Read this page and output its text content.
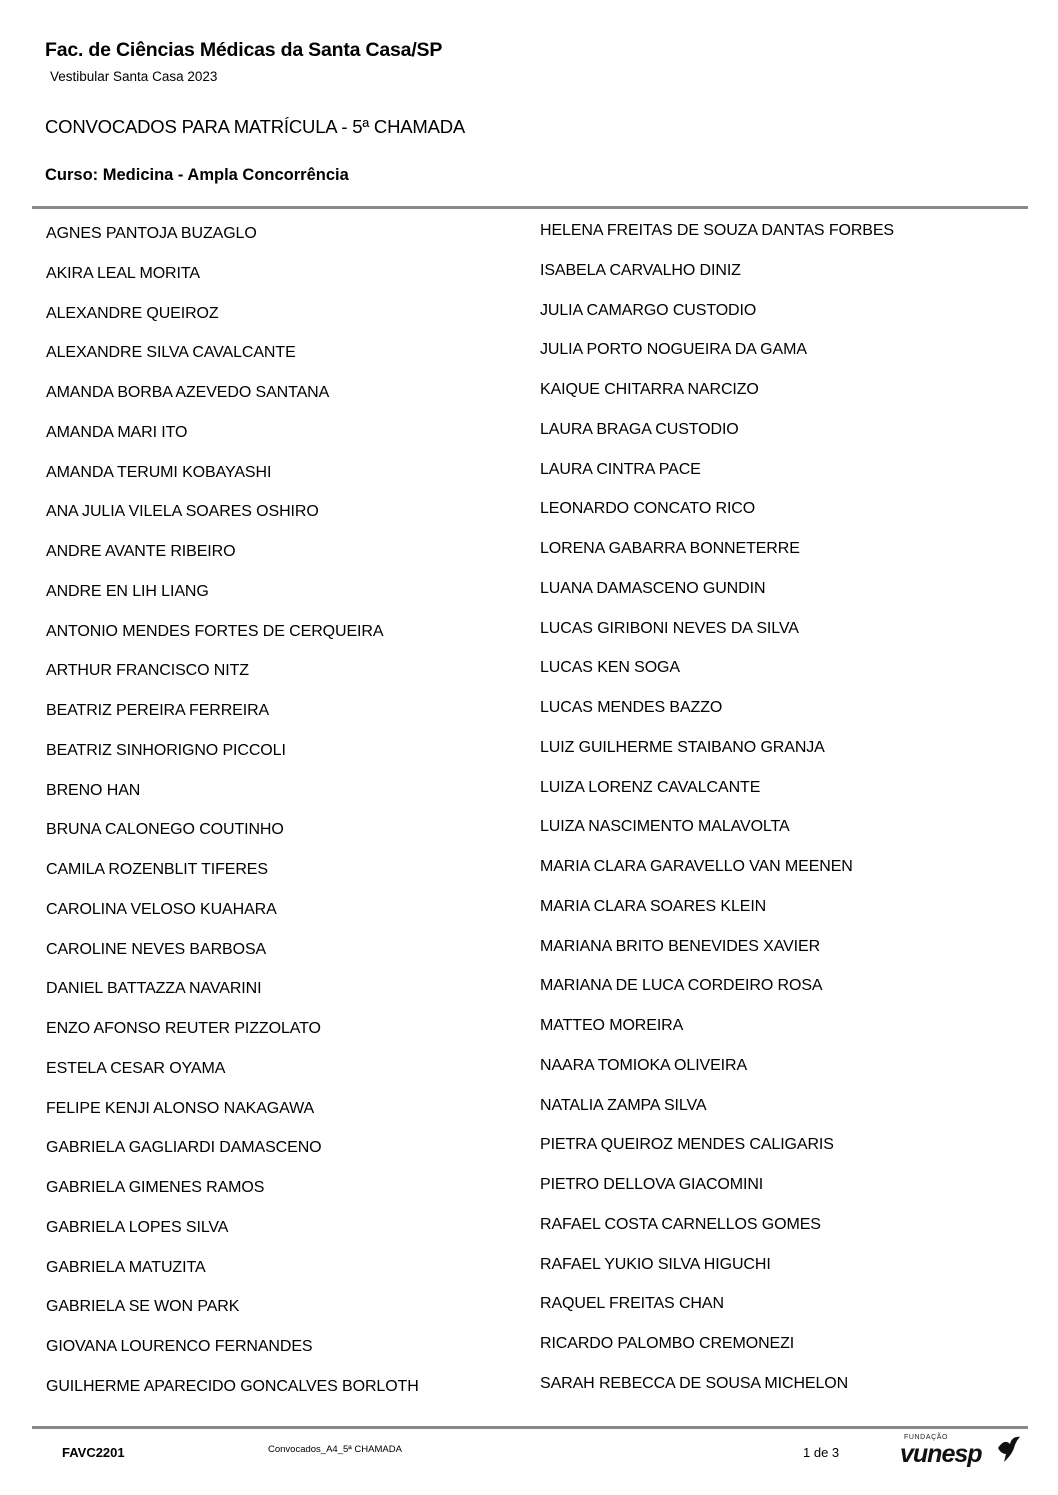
Fac. de Ciências Médicas da Santa Casa/SP
Vestibular Santa Casa 2023
CONVOCADOS PARA MATRÍCULA - 5ª CHAMADA
Curso: Medicina - Ampla Concorrência
AGNES PANTOJA BUZAGLO
AKIRA LEAL MORITA
ALEXANDRE QUEIROZ
ALEXANDRE SILVA CAVALCANTE
AMANDA BORBA AZEVEDO SANTANA
AMANDA MARI ITO
AMANDA TERUMI KOBAYASHI
ANA JULIA VILELA SOARES OSHIRO
ANDRE AVANTE RIBEIRO
ANDRE EN LIH LIANG
ANTONIO MENDES FORTES DE CERQUEIRA
ARTHUR FRANCISCO NITZ
BEATRIZ PEREIRA FERREIRA
BEATRIZ SINHORIGNO PICCOLI
BRENO HAN
BRUNA CALONEGO COUTINHO
CAMILA ROZENBLIT TIFERES
CAROLINA VELOSO KUAHARA
CAROLINE NEVES BARBOSA
DANIEL BATTAZZA NAVARINI
ENZO AFONSO REUTER PIZZOLATO
ESTELA CESAR OYAMA
FELIPE KENJI ALONSO NAKAGAWA
GABRIELA GAGLIARDI DAMASCENO
GABRIELA GIMENES RAMOS
GABRIELA LOPES SILVA
GABRIELA MATUZITA
GABRIELA SE WON PARK
GIOVANA LOURENCO FERNANDES
GUILHERME APARECIDO GONCALVES BORLOTH
HELENA FREITAS DE SOUZA DANTAS FORBES
ISABELA CARVALHO DINIZ
JULIA CAMARGO CUSTODIO
JULIA PORTO NOGUEIRA DA GAMA
KAIQUE CHITARRA NARCIZO
LAURA BRAGA CUSTODIO
LAURA CINTRA PACE
LEONARDO CONCATO RICO
LORENA GABARRA BONNETERRE
LUANA DAMASCENO GUNDIN
LUCAS GIRIBONI NEVES DA SILVA
LUCAS KEN SOGA
LUCAS MENDES BAZZO
LUIZ GUILHERME STAIBANO GRANJA
LUIZA LORENZ CAVALCANTE
LUIZA NASCIMENTO MALAVOLTA
MARIA CLARA GARAVELLO VAN MEENEN
MARIA CLARA SOARES KLEIN
MARIANA BRITO BENEVIDES XAVIER
MARIANA DE LUCA CORDEIRO ROSA
MATTEO MOREIRA
NAARA TOMIOKA OLIVEIRA
NATALIA ZAMPA SILVA
PIETRA QUEIROZ MENDES CALIGARIS
PIETRO DELLOVA GIACOMINI
RAFAEL COSTA CARNELLOS GOMES
RAFAEL YUKIO SILVA HIGUCHI
RAQUEL FREITAS CHAN
RICARDO PALOMBO CREMONEZI
SARAH REBECCA DE SOUSA MICHELON
FAVC2201	Convocados_A4_5ª CHAMADA	1 de 3
FUNDAÇÃO
vunesp
